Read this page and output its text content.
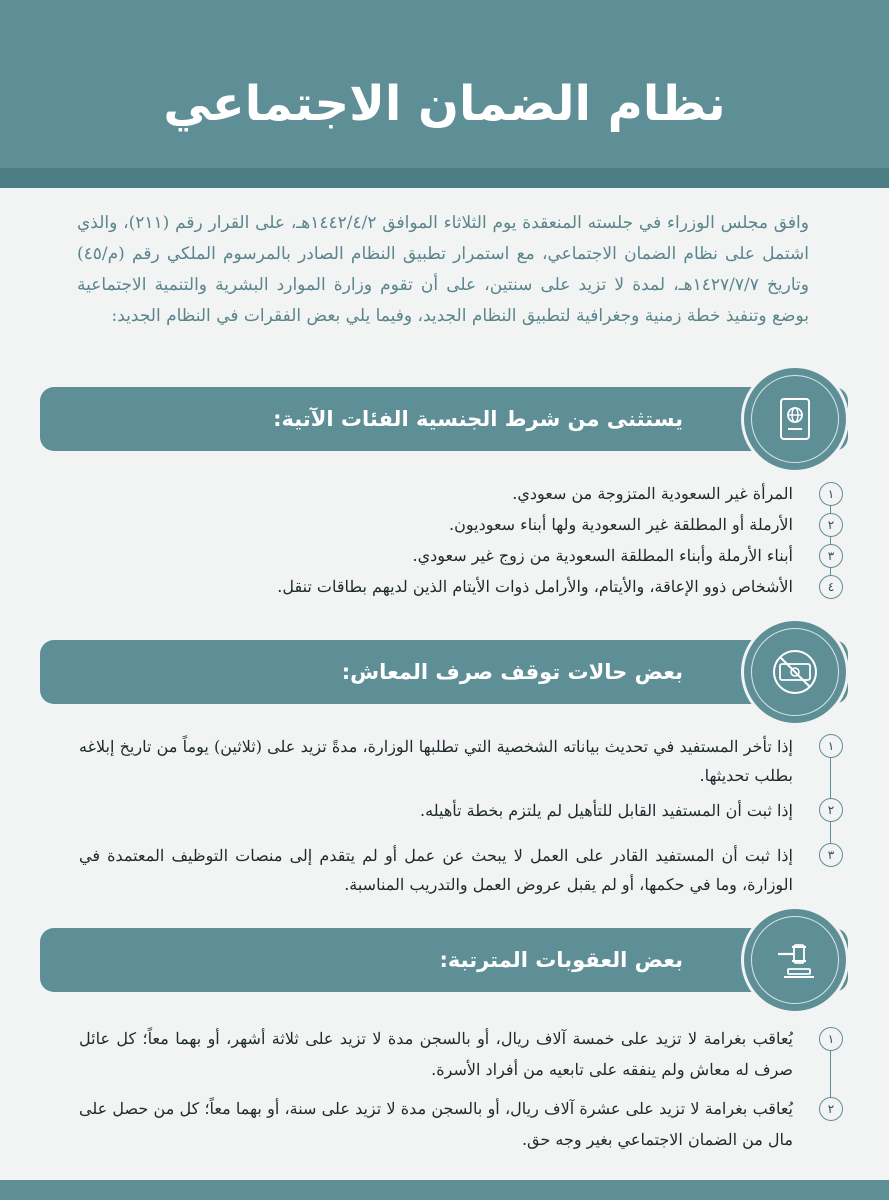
نظام الضمان الاجتماعي
وافق مجلس الوزراء في جلسته المنعقدة يوم الثلاثاء الموافق ١٤٤٢/٤/٢هـ، على القرار رقم (٢١١)، والذي اشتمل على نظام الضمان الاجتماعي، مع استمرار تطبيق النظام الصادر بالمرسوم الملكي رقم (م/٤٥) وتاريخ ١٤٢٧/٧/٧هـ، لمدة لا تزيد على سنتين، على أن تقوم وزارة الموارد البشرية والتنمية الاجتماعية بوضع وتنفيذ خطة زمنية وجغرافية لتطبيق النظام الجديد، وفيما يلي بعض الفقرات في النظام الجديد:
يستثنى من شرط الجنسية الفئات الآتية:
١
المرأة غير السعودية المتزوجة من سعودي.
٢
الأرملة أو المطلقة غير السعودية ولها أبناء سعوديون.
٣
أبناء الأرملة وأبناء المطلقة السعودية من زوج غير سعودي.
٤
الأشخاص ذوو الإعاقة، والأيتام، والأرامل ذوات الأيتام الذين لديهم بطاقات تنقل.
بعض حالات توقف صرف المعاش:
١
إذا تأخر المستفيد في تحديث بياناته الشخصية التي تطلبها الوزارة، مدةً تزيد على (ثلاثين) يوماً من تاريخ إبلاغه بطلب تحديثها.
٢
إذا ثبت أن المستفيد القابل للتأهيل لم يلتزم بخطة تأهيله.
٣
إذا ثبت أن المستفيد القادر على العمل لا يبحث عن عمل أو لم يتقدم إلى منصات التوظيف المعتمدة في الوزارة، وما في حكمها، أو لم يقبل عروض العمل والتدريب المناسبة.
بعض العقوبات المترتبة:
١
يُعاقب بغرامة لا تزيد على خمسة آلاف ريال، أو بالسجن مدة لا تزيد على ثلاثة أشهر، أو بهما معاً؛ كل عائل صرف له معاش ولم ينفقه على تابعيه من أفراد الأسرة.
٢
يُعاقب بغرامة لا تزيد على عشرة آلاف ريال، أو بالسجن مدة لا تزيد على سنة، أو بهما معاً؛ كل من حصل على مال من الضمان الاجتماعي بغير وجه حق.
